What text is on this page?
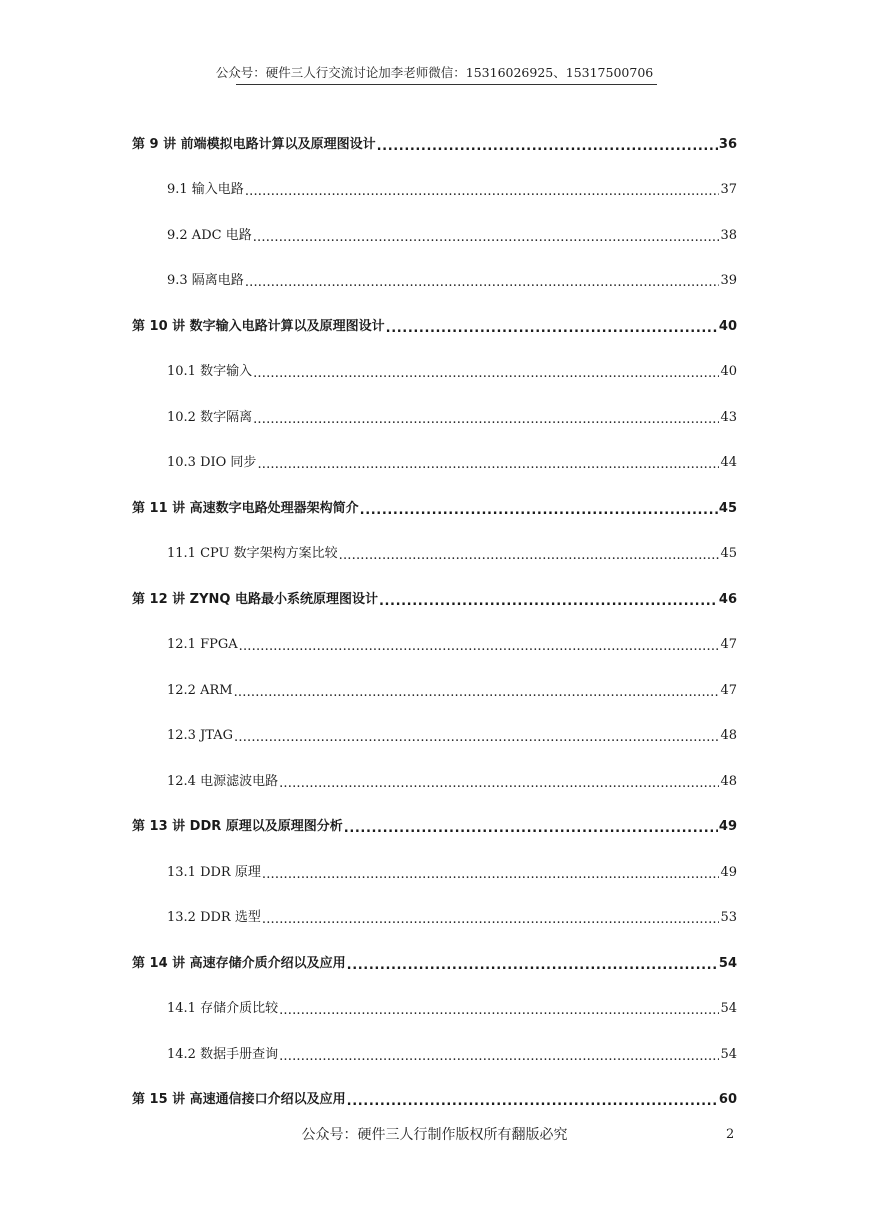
公众号：硬件三人行交流讨论加李老师微信：15316026925、15317500706
第 9 讲 前端模拟电路计算以及原理图设计 .....	36
9.1 输入电路 .....	37
9.2 ADC 电路 .....	38
9.3 隔离电路 .....	39
第 10 讲 数字输入电路计算以及原理图设计 .....	40
10.1 数字输入 .....	40
10.2 数字隔离 .....	43
10.3 DIO 同步 .....	44
第 11 讲 高速数字电路处理器架构简介 .....	45
11.1 CPU 数字架构方案比较 .....	45
第 12 讲 ZYNQ 电路最小系统原理图设计 .....	46
12.1 FPGA .....	47
12.2 ARM .....	47
12.3 JTAG .....	48
12.4 电源滤波电路 .....	48
第 13 讲 DDR 原理以及原理图分析 .....	49
13.1 DDR 原理 .....	49
13.2 DDR 选型 .....	53
第 14 讲 高速存储介质介绍以及应用 .....	54
14.1 存储介质比较 .....	54
14.2 数据手册查询 .....	54
第 15 讲 高速通信接口介绍以及应用 .....	60
公众号：硬件三人行制作版权所有翻版必究	2
